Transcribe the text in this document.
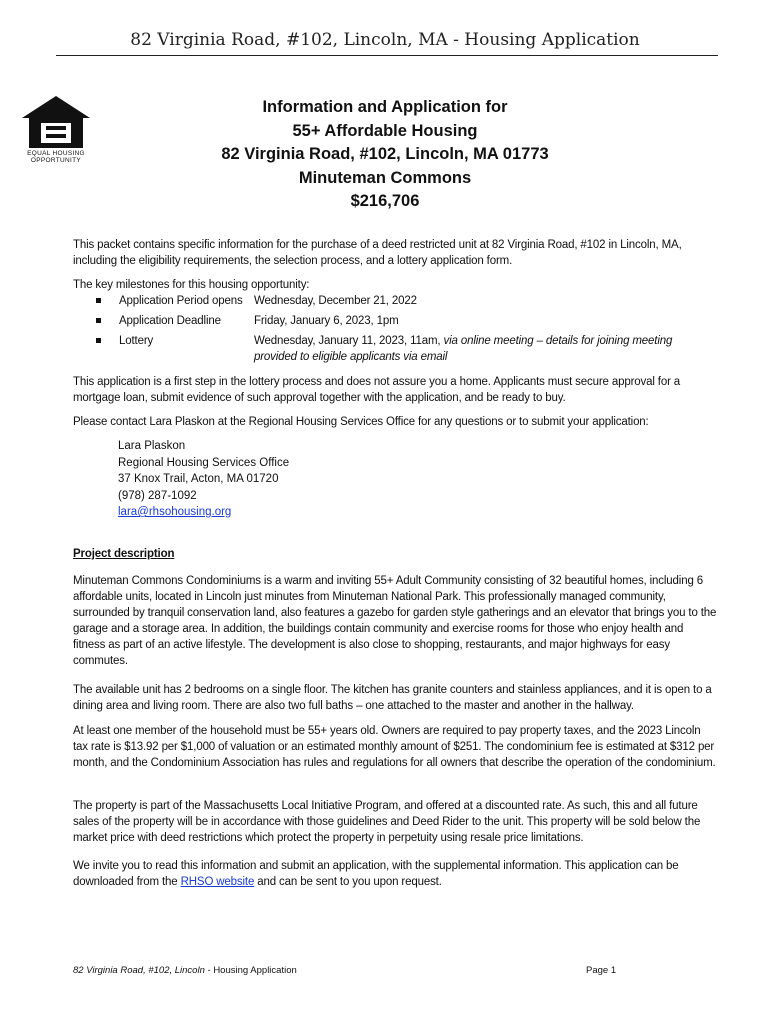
82 Virginia Road, #102, Lincoln, MA - Housing Application
EQUAL HOUSING
OPPORTUNITY
Information and Application for
55+ Affordable Housing
82 Virginia Road, #102, Lincoln, MA 01773
Minuteman Commons
$216,706
This packet contains specific information for the purchase of a deed restricted unit at 82 Virginia Road, #102 in Lincoln, MA, including the eligibility requirements, the selection process, and a lottery application form.
The key milestones for this housing opportunity:
Application Period opens Wednesday, December 21, 2022
Application Deadline	Friday, January 6, 2023, 1pm
Lottery	Wednesday, January 11, 2023, 11am, via online meeting – details for joining meeting provided to eligible applicants via email
This application is a first step in the lottery process and does not assure you a home. Applicants must secure approval for a mortgage loan, submit evidence of such approval together with the application, and be ready to buy.
Please contact Lara Plaskon at the Regional Housing Services Office for any questions or to submit your application:
Lara Plaskon
Regional Housing Services Office
37 Knox Trail, Acton, MA 01720
(978) 287-1092
lara@rhsohousing.org
Project description
Minuteman Commons Condominiums is a warm and inviting 55+ Adult Community consisting of 32 beautiful homes, including 6 affordable units, located in Lincoln just minutes from Minuteman National Park. This professionally managed community, surrounded by tranquil conservation land, also features a gazebo for garden style gatherings and an elevator that brings you to the garage and a storage area. In addition, the buildings contain community and exercise rooms for those who enjoy health and fitness as part of an active lifestyle. The development is also close to shopping, restaurants, and major highways for easy commutes.
The available unit has 2 bedrooms on a single floor. The kitchen has granite counters and stainless appliances, and it is open to a dining area and living room. There are also two full baths – one attached to the master and another in the hallway.
At least one member of the household must be 55+ years old. Owners are required to pay property taxes, and the 2023 Lincoln tax rate is $13.92 per $1,000 of valuation or an estimated monthly amount of $251. The condominium fee is estimated at $312 per month, and the Condominium Association has rules and regulations for all owners that describe the operation of the condominium.
The property is part of the Massachusetts Local Initiative Program, and offered at a discounted rate. As such, this and all future sales of the property will be in accordance with those guidelines and Deed Rider to the unit. This property will be sold below the market price with deed restrictions which protect the property in perpetuity using resale price limitations.
We invite you to read this information and submit an application, with the supplemental information. This application can be downloaded from the RHSO website and can be sent to you upon request.
82 Virginia Road, #102, Lincoln - Housing Application	Page 1
